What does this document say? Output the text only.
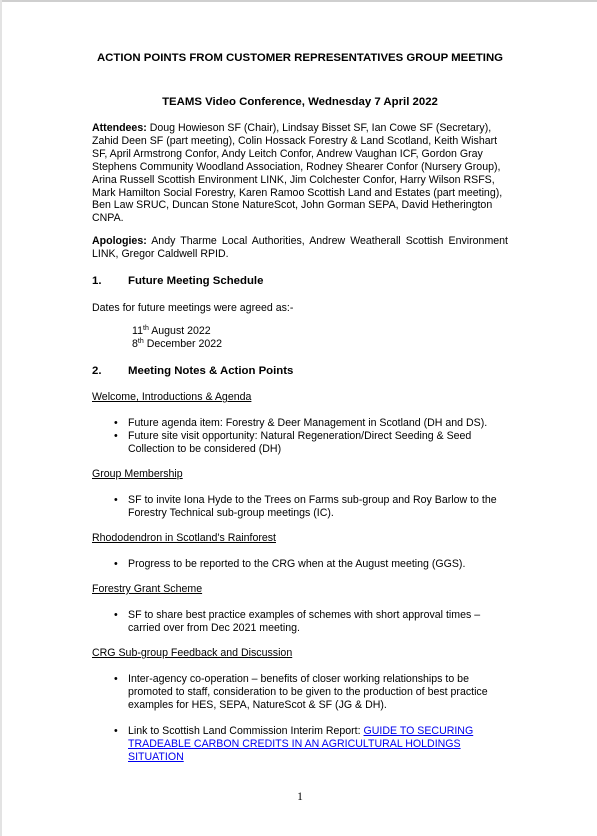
ACTION POINTS FROM CUSTOMER REPRESENTATIVES GROUP MEETING
TEAMS Video Conference, Wednesday 7 April 2022
Attendees: Doug Howieson SF (Chair), Lindsay Bisset SF, Ian Cowe SF (Secretary), Zahid Deen SF (part meeting), Colin Hossack Forestry & Land Scotland, Keith Wishart SF, April Armstrong Confor, Andy Leitch Confor, Andrew Vaughan ICF, Gordon Gray Stephens Community Woodland Association, Rodney Shearer Confor (Nursery Group), Arina Russell Scottish Environment LINK, Jim Colchester Confor, Harry Wilson RSFS, Mark Hamilton Social Forestry, Karen Ramoo Scottish Land and Estates (part meeting), Ben Law SRUC, Duncan Stone NatureScot, John Gorman SEPA, David Hetherington CNPA.
Apologies: Andy Tharme Local Authorities, Andrew Weatherall Scottish Environment LINK, Gregor Caldwell RPID.
1. Future Meeting Schedule
Dates for future meetings were agreed as:-
11th August 2022
8th December 2022
2. Meeting Notes & Action Points
Welcome, Introductions & Agenda
• Future agenda item: Forestry & Deer Management in Scotland (DH and DS).
• Future site visit opportunity: Natural Regeneration/Direct Seeding & Seed Collection to be considered (DH)
Group Membership
• SF to invite Iona Hyde to the Trees on Farms sub-group and Roy Barlow to the Forestry Technical sub-group meetings (IC).
Rhododendron in Scotland's Rainforest
• Progress to be reported to the CRG when at the August meeting (GGS).
Forestry Grant Scheme
• SF to share best practice examples of schemes with short approval times – carried over from Dec 2021 meeting.
CRG Sub-group Feedback and Discussion
• Inter-agency co-operation – benefits of closer working relationships to be promoted to staff, consideration to be given to the production of best practice examples for HES, SEPA, NatureScot & SF (JG & DH).
• Link to Scottish Land Commission Interim Report: GUIDE TO SECURING TRADEABLE CARBON CREDITS IN AN AGRICULTURAL HOLDINGS SITUATION
1
